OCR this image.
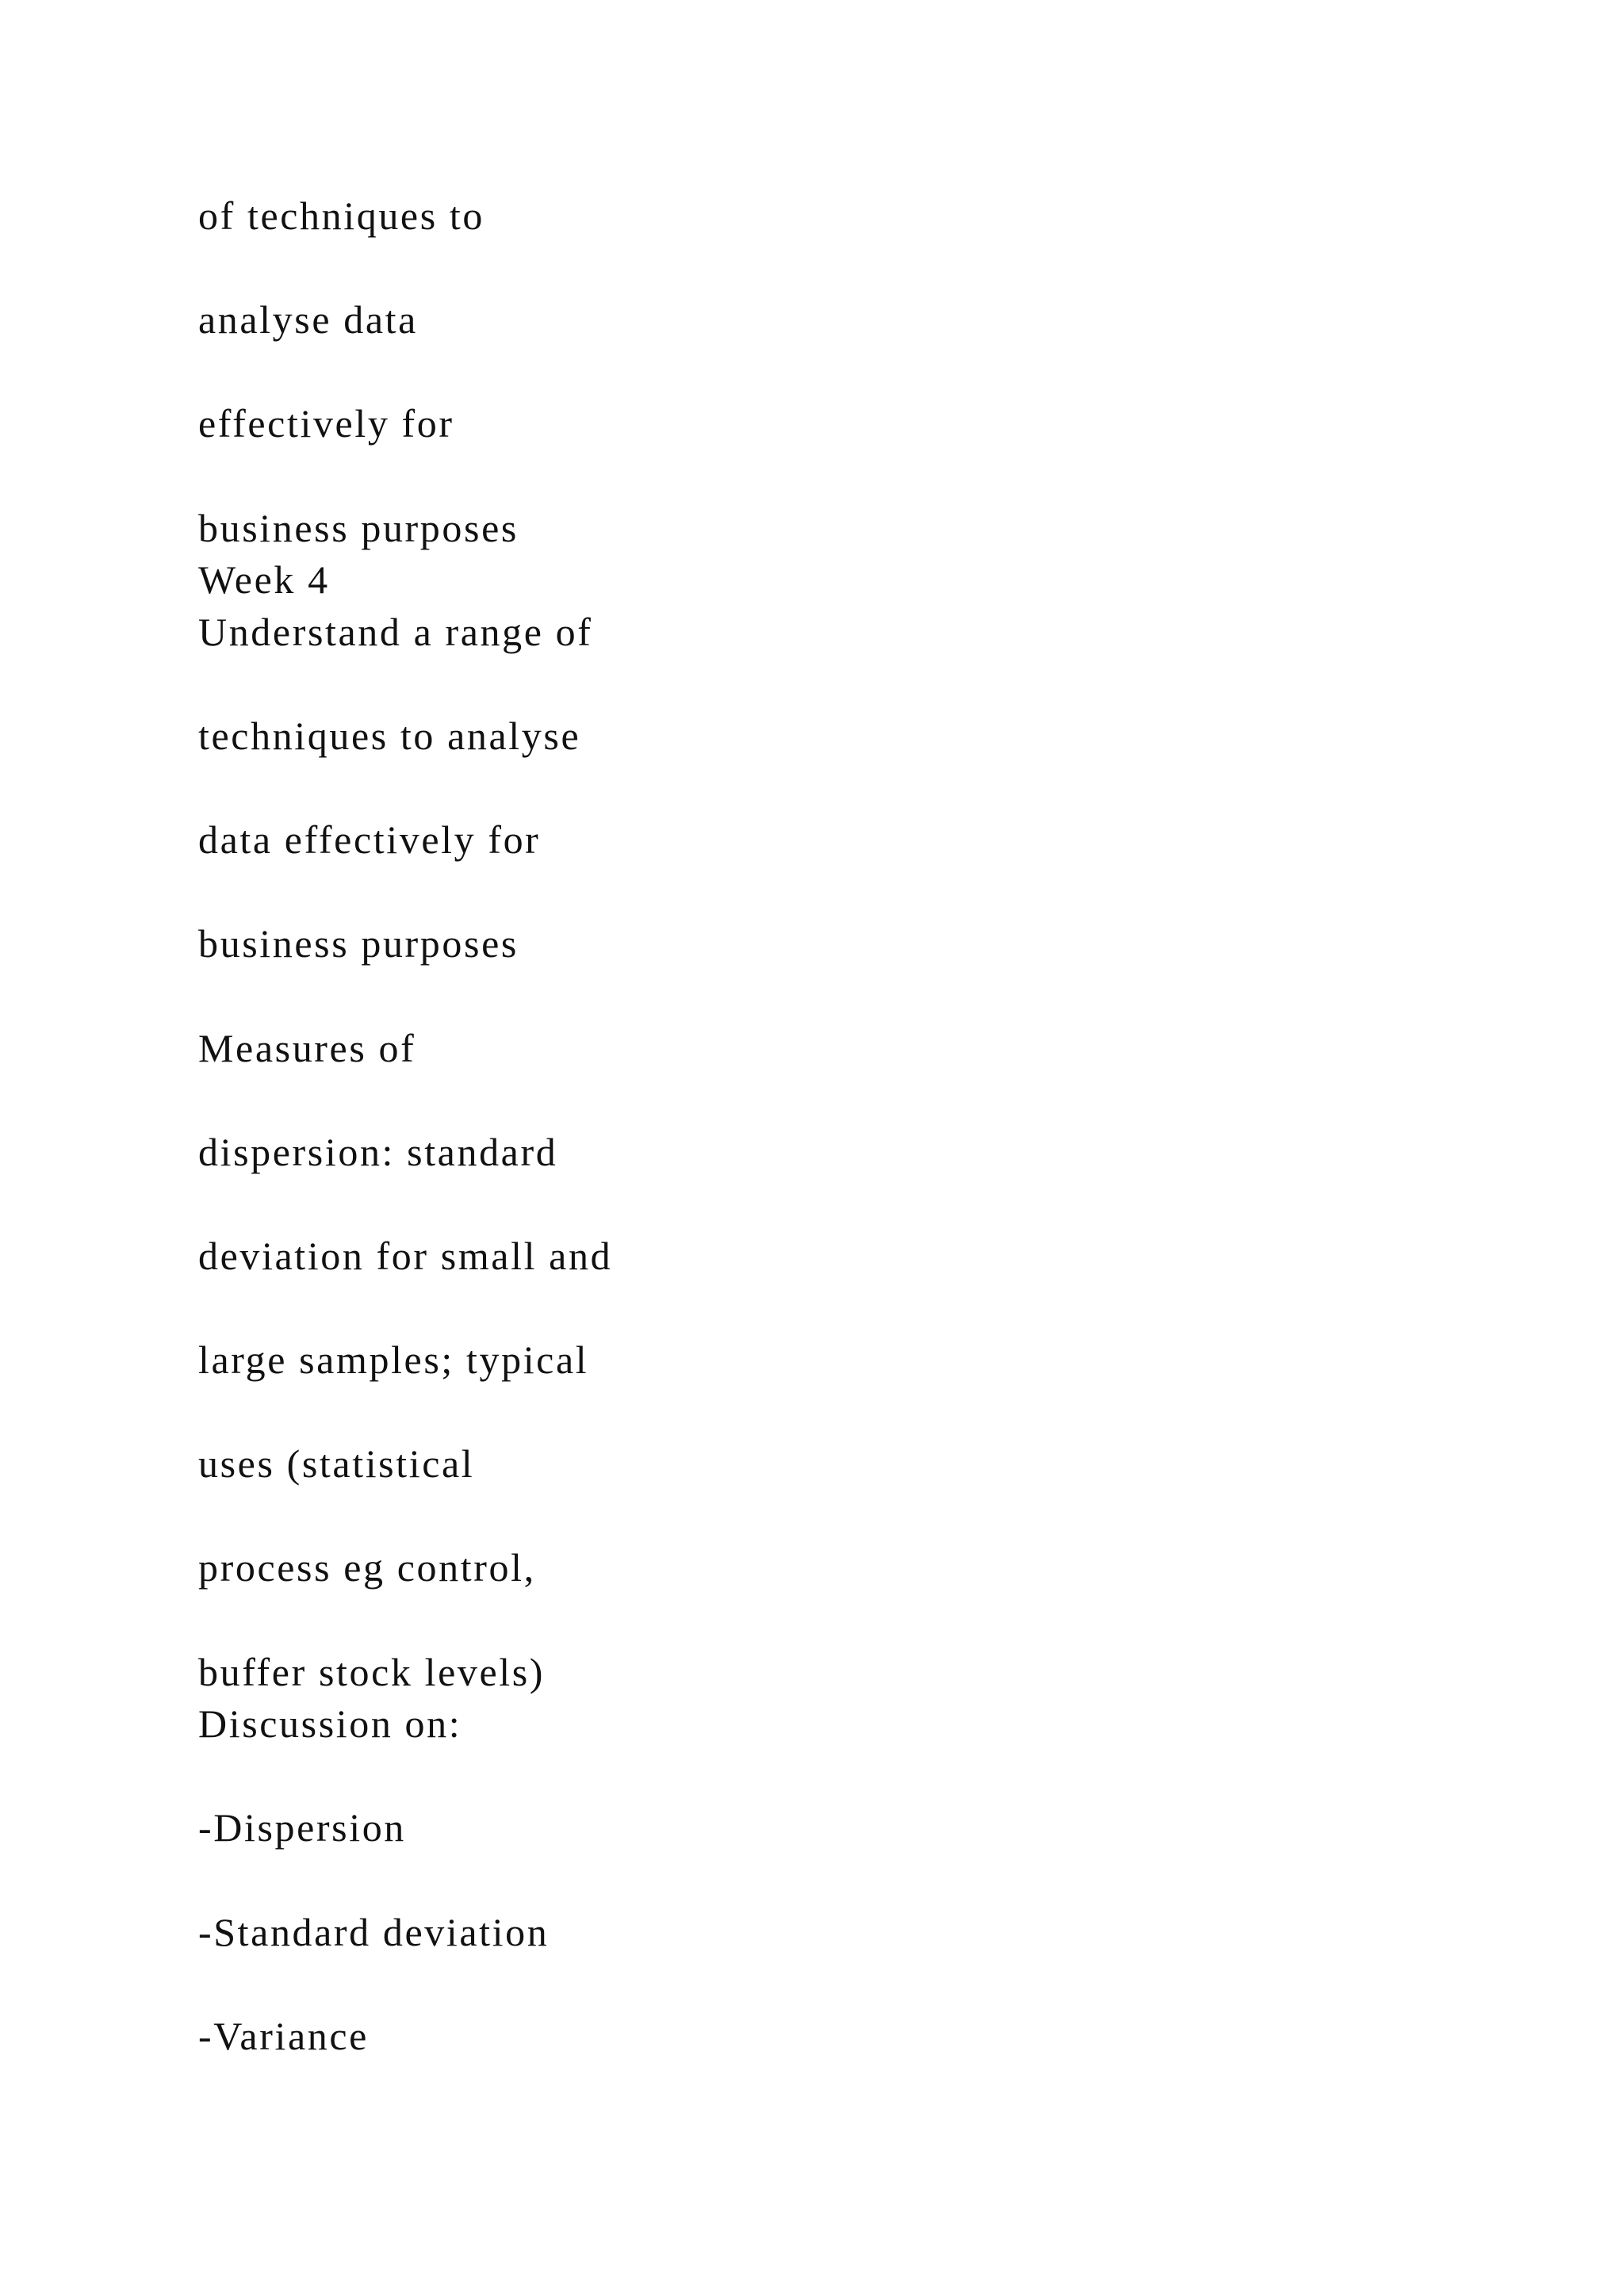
of techniques to
analyse data
effectively for
business purposes
Week 4
Understand a range of
techniques to analyse
data effectively for
business purposes
Measures of
dispersion: standard
deviation for small and
large samples; typical
uses (statistical
process eg control,
buffer stock levels)
Discussion on:
-Dispersion
-Standard deviation
-Variance
